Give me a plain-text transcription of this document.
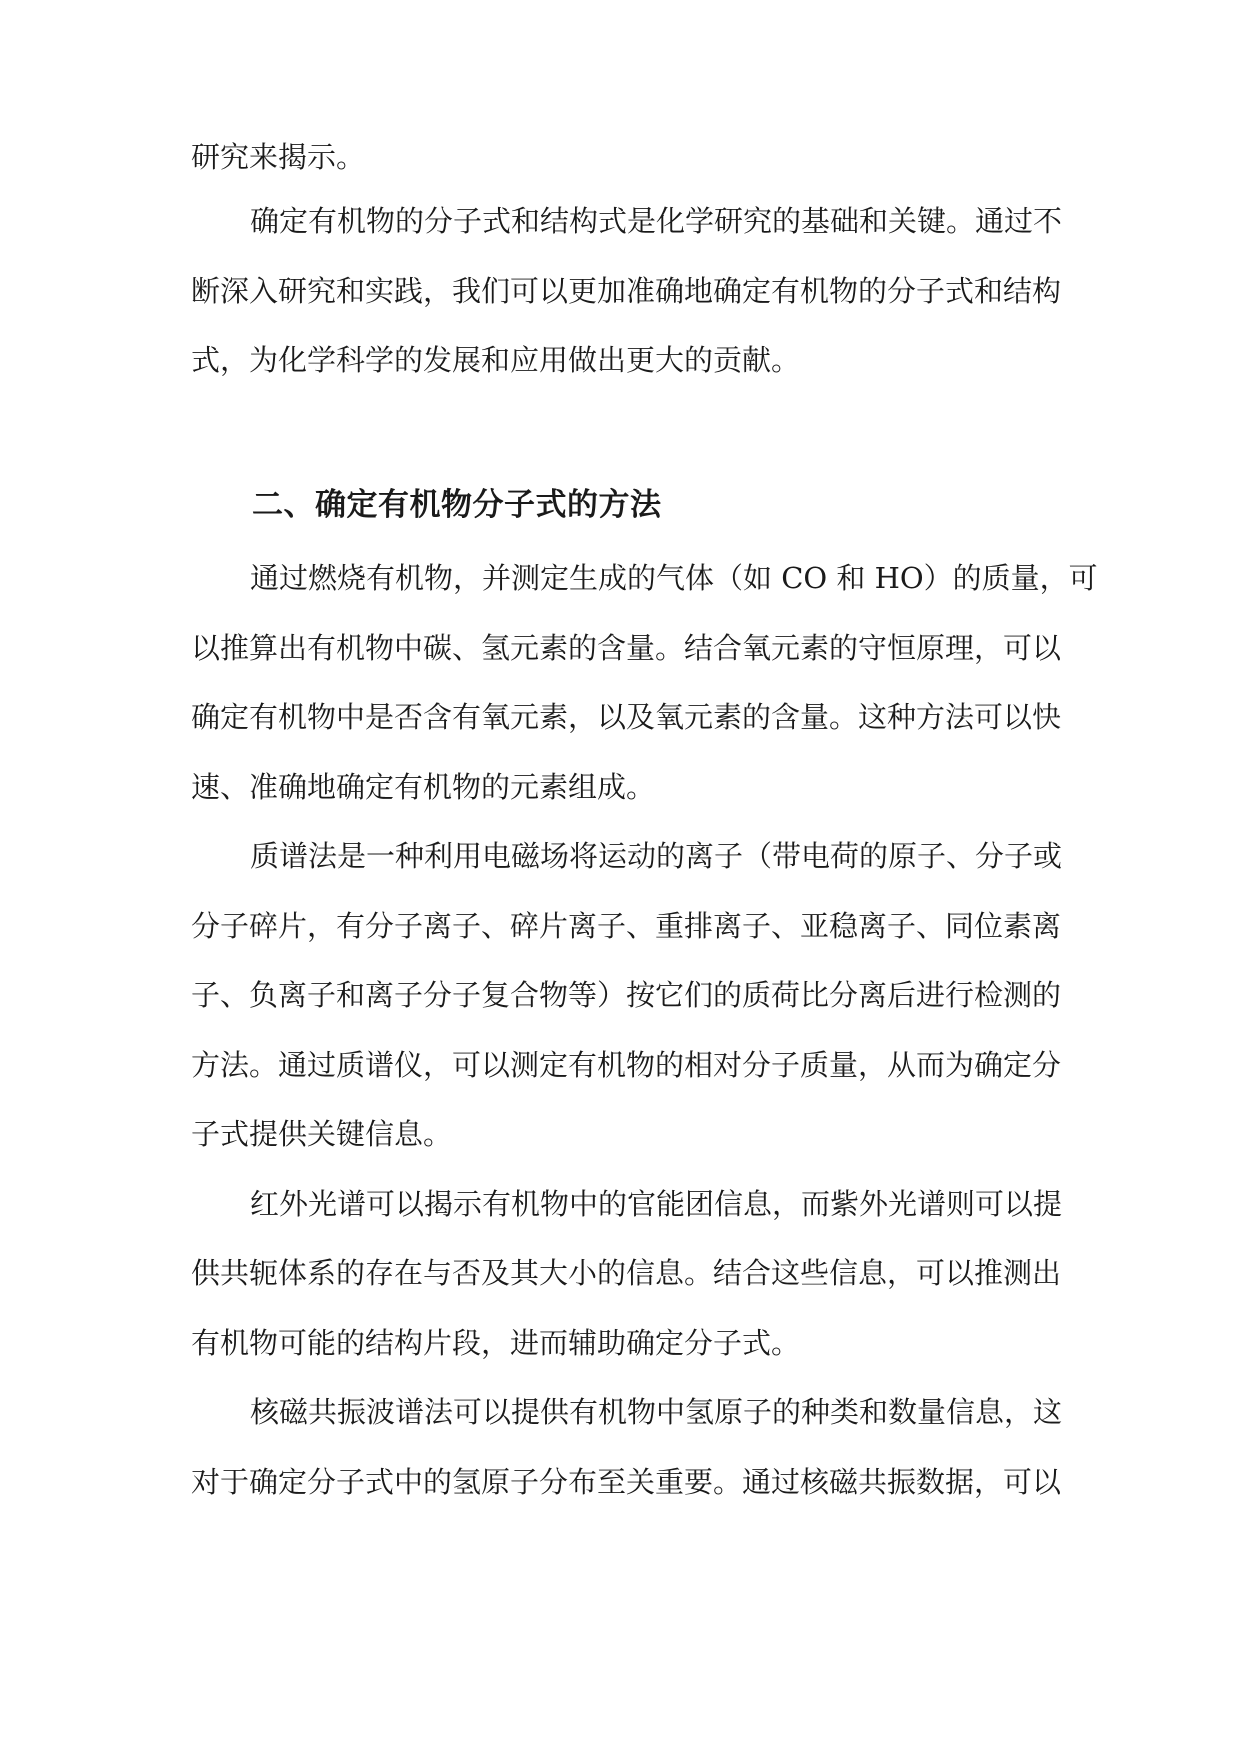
研究来揭示。
确定有机物的分子式和结构式是化学研究的基础和关键。通过不
断深入研究和实践，我们可以更加准确地确定有机物的分子式和结构
式，为化学科学的发展和应用做出更大的贡献。
二、确定有机物分子式的方法
通过燃烧有机物，并测定生成的气体（如 CO 和 HO）的质量，可
以推算出有机物中碳、氢元素的含量。结合氧元素的守恒原理，可以
确定有机物中是否含有氧元素，以及氧元素的含量。这种方法可以快
速、准确地确定有机物的元素组成。
质谱法是一种利用电磁场将运动的离子（带电荷的原子、分子或
分子碎片，有分子离子、碎片离子、重排离子、亚稳离子、同位素离
子、负离子和离子分子复合物等）按它们的质荷比分离后进行检测的
方法。通过质谱仪，可以测定有机物的相对分子质量，从而为确定分
子式提供关键信息。
红外光谱可以揭示有机物中的官能团信息，而紫外光谱则可以提
供共轭体系的存在与否及其大小的信息。结合这些信息，可以推测出
有机物可能的结构片段，进而辅助确定分子式。
核磁共振波谱法可以提供有机物中氢原子的种类和数量信息，这
对于确定分子式中的氢原子分布至关重要。通过核磁共振数据，可以
